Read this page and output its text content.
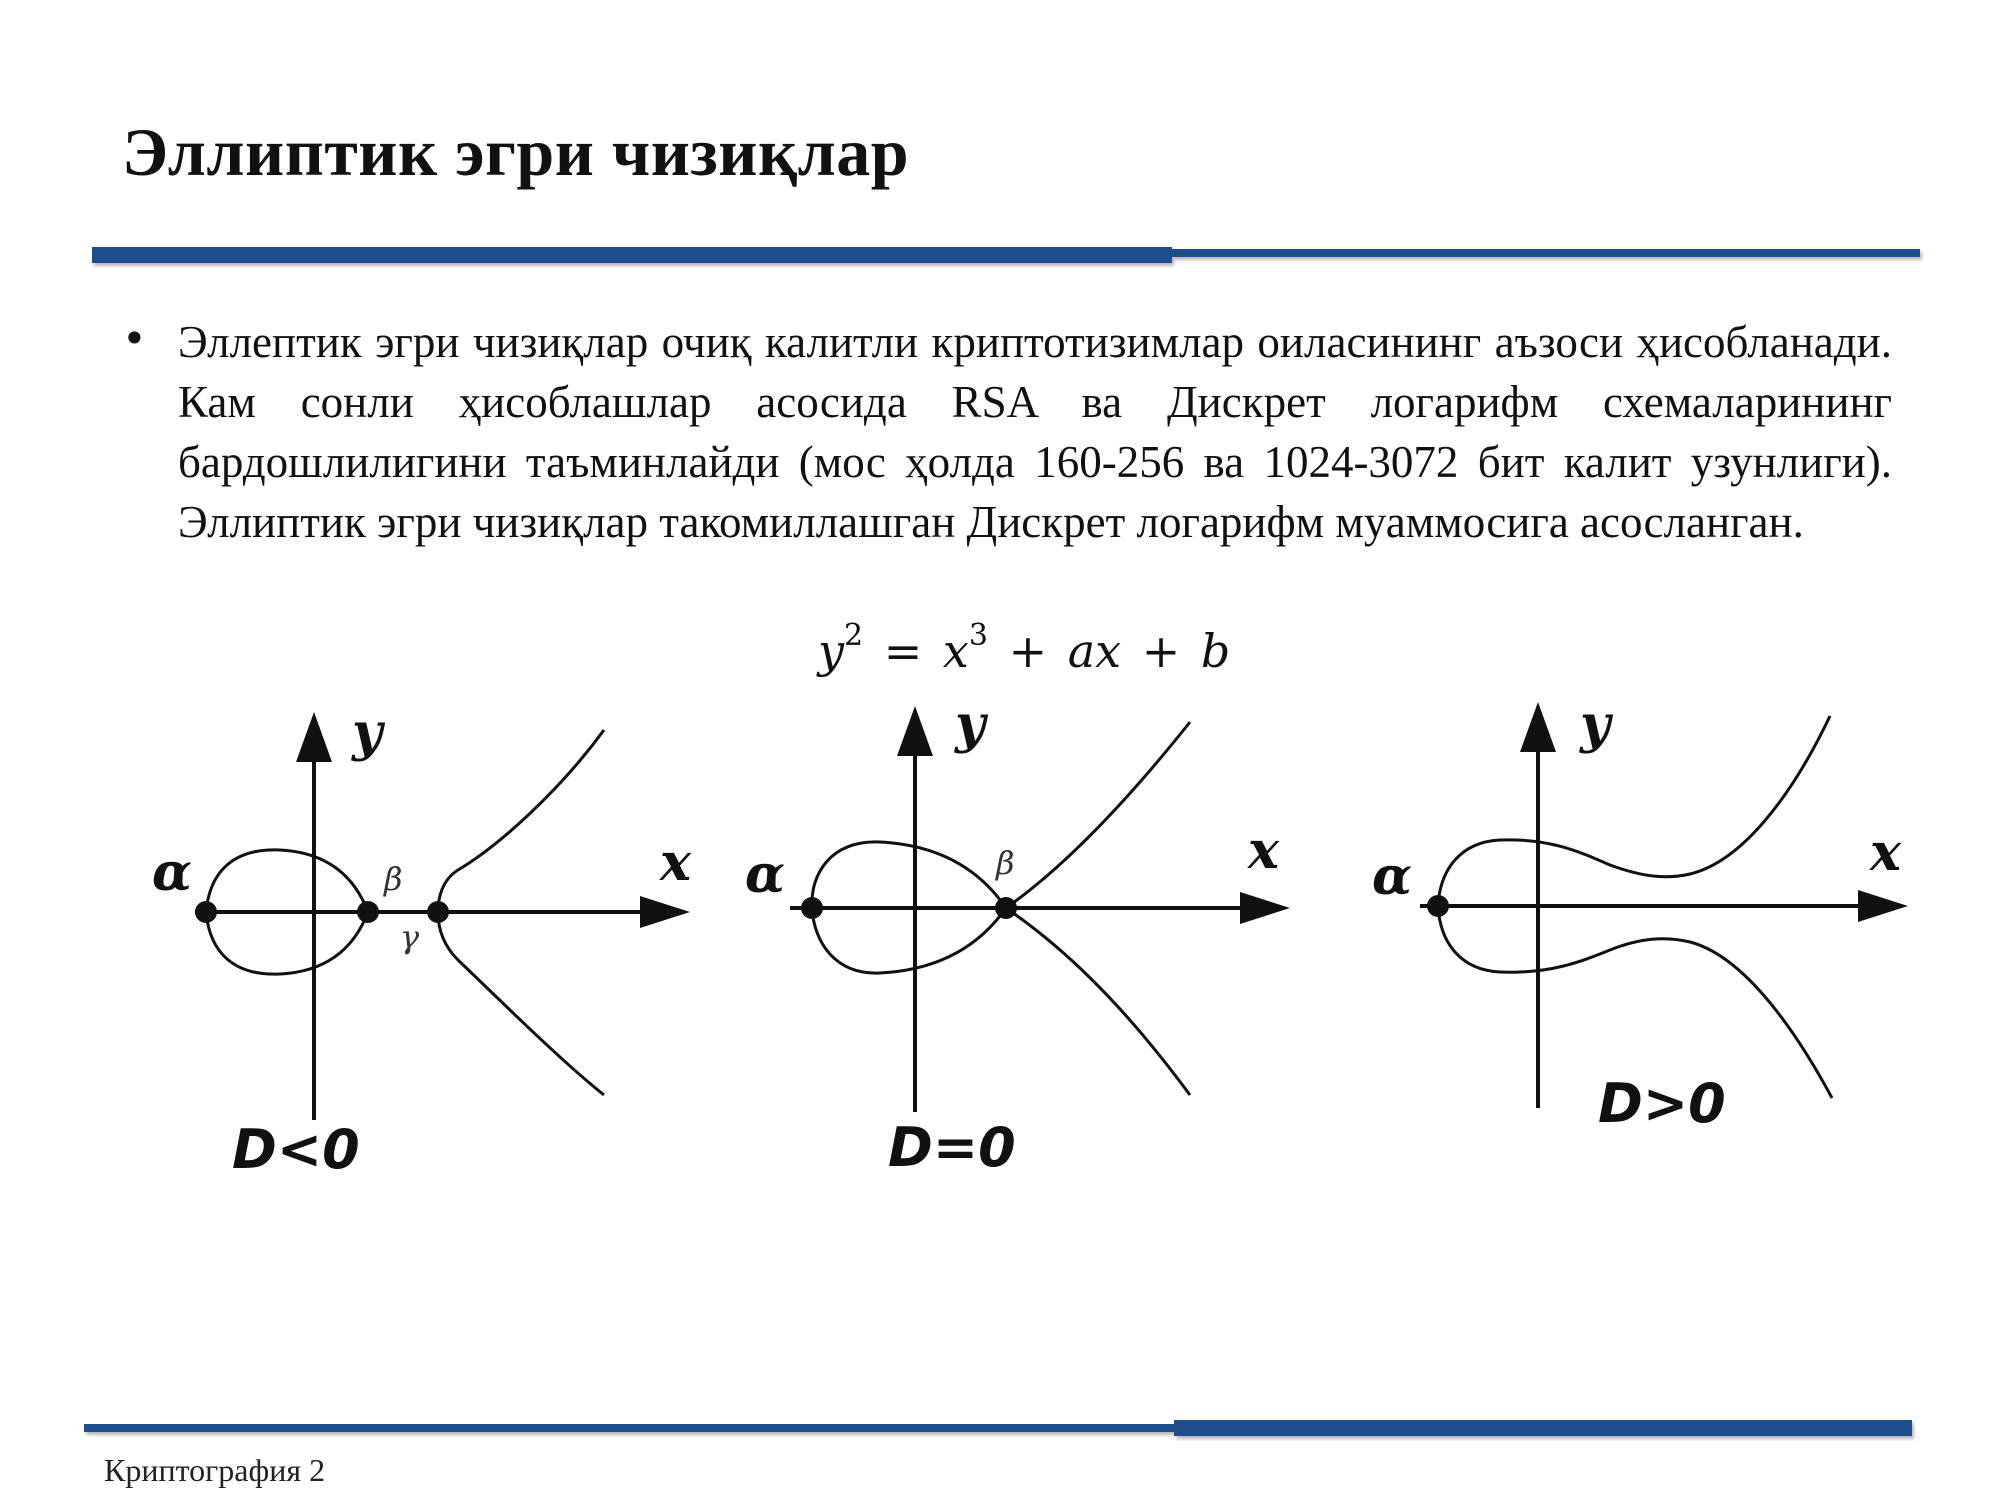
Эллиптик эгри чизиқлар
• Эллептик эгри чизиқлар очиқ калитли криптотизимлар оиласининг аъзоси ҳисобланади. Кам сонли ҳисоблашлар асосида RSA ва Дискрет логарифм схемаларининг бардошлилигини таъминлайди (мос ҳолда 160-256 ва 1024-3072 бит калит узунлиги). Эллиптик эгри чизиқлар такомиллашган Дискрет логарифм муаммосига асосланган.

$y^2 = x^3$ + ax + b
y
x
α	β
γ
D<0
y
x
α	β
D=0
y
x
α
D>0
Криптография 2
